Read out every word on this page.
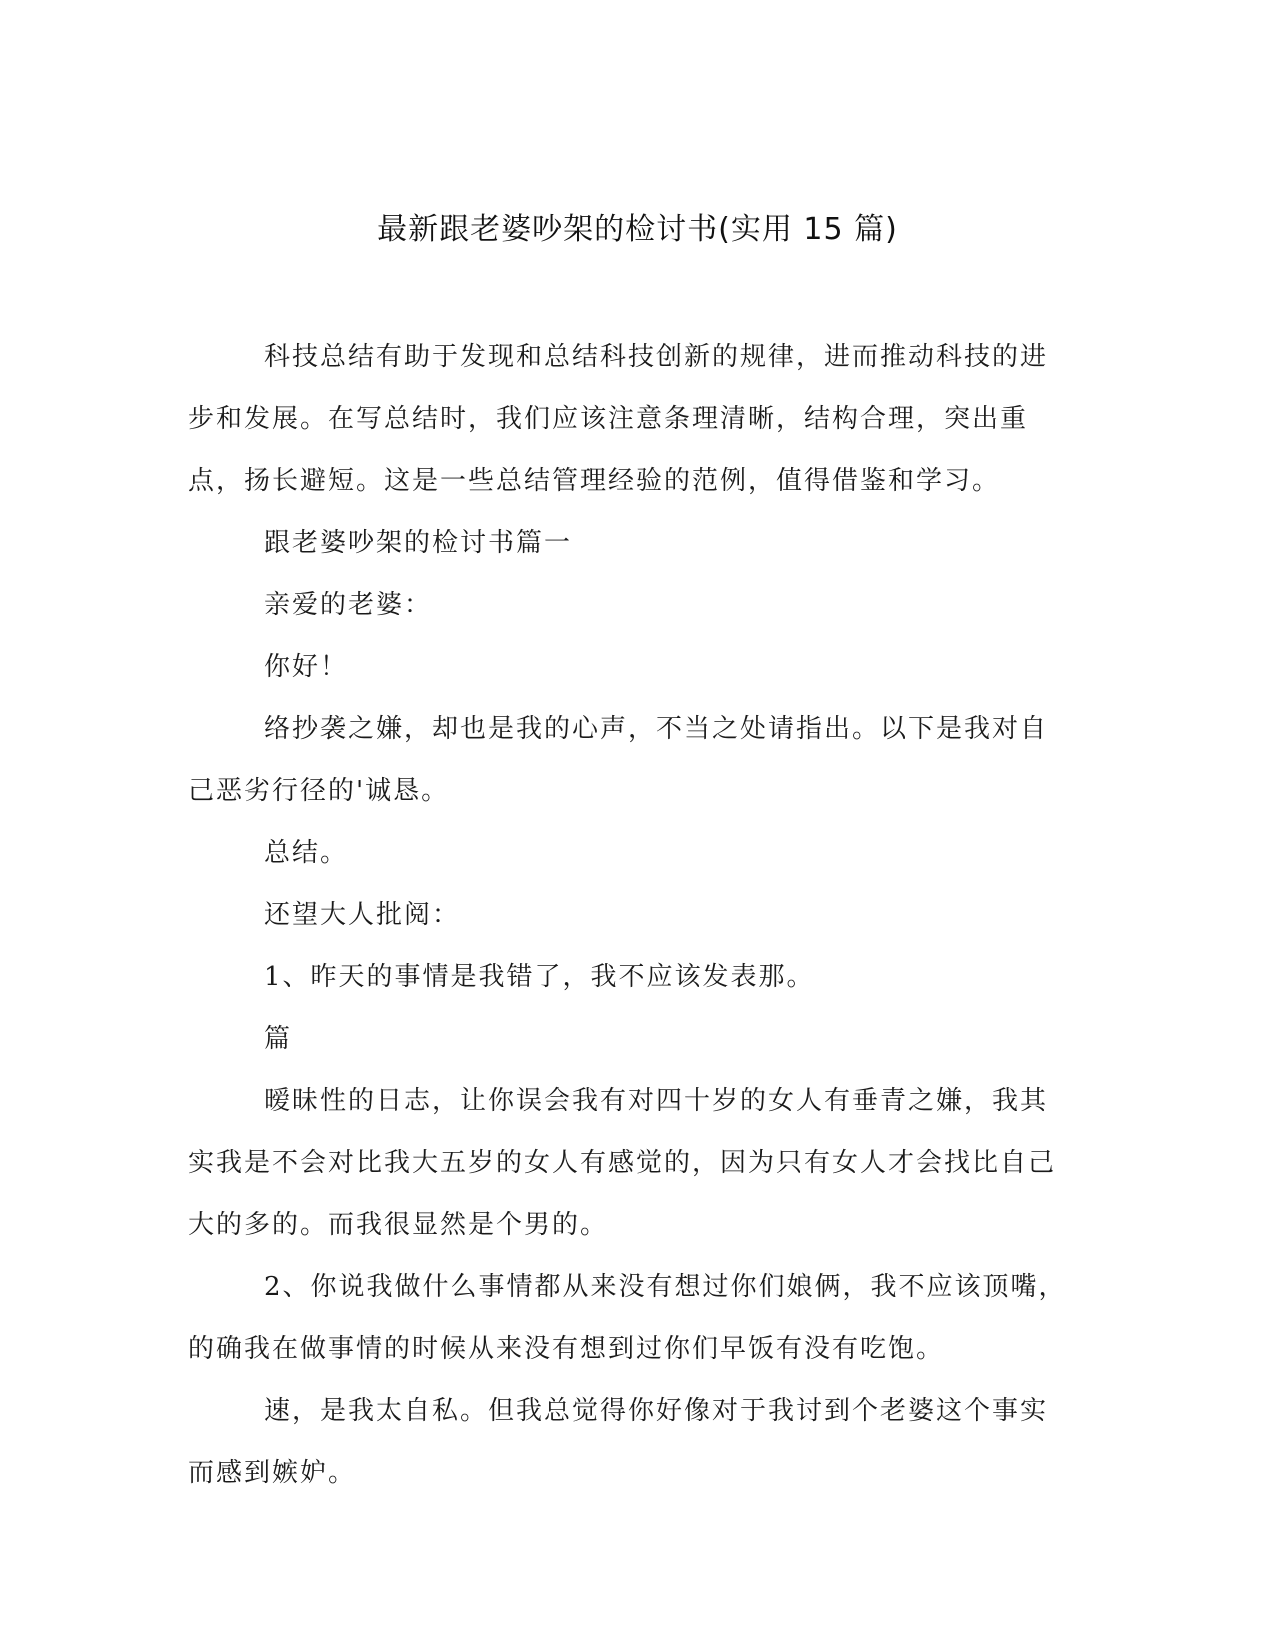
最新跟老婆吵架的检讨书(实用 15 篇)

科技总结有助于发现和总结科技创新的规律，进而推动科技的进步和发展。在写总结时，我们应该注意条理清晰，结构合理，突出重点，扬长避短。这是一些总结管理经验的范例，值得借鉴和学习。

跟老婆吵架的检讨书篇一

亲爱的老婆：

你好！

络抄袭之嫌，却也是我的心声，不当之处请指出。以下是我对自己恶劣行径的'诚恳。

总结。

还望大人批阅：

1、昨天的事情是我错了，我不应该发表那。

篇

暧昧性的日志，让你误会我有对四十岁的女人有垂青之嫌，我其实我是不会对比我大五岁的女人有感觉的，因为只有女人才会找比自己大的多的。而我很显然是个男的。

2、你说我做什么事情都从来没有想过你们娘俩，我不应该顶嘴，的确我在做事情的时候从来没有想到过你们早饭有没有吃饱。

速，是我太自私。但我总觉得你好像对于我讨到个老婆这个事实而感到嫉妒。
